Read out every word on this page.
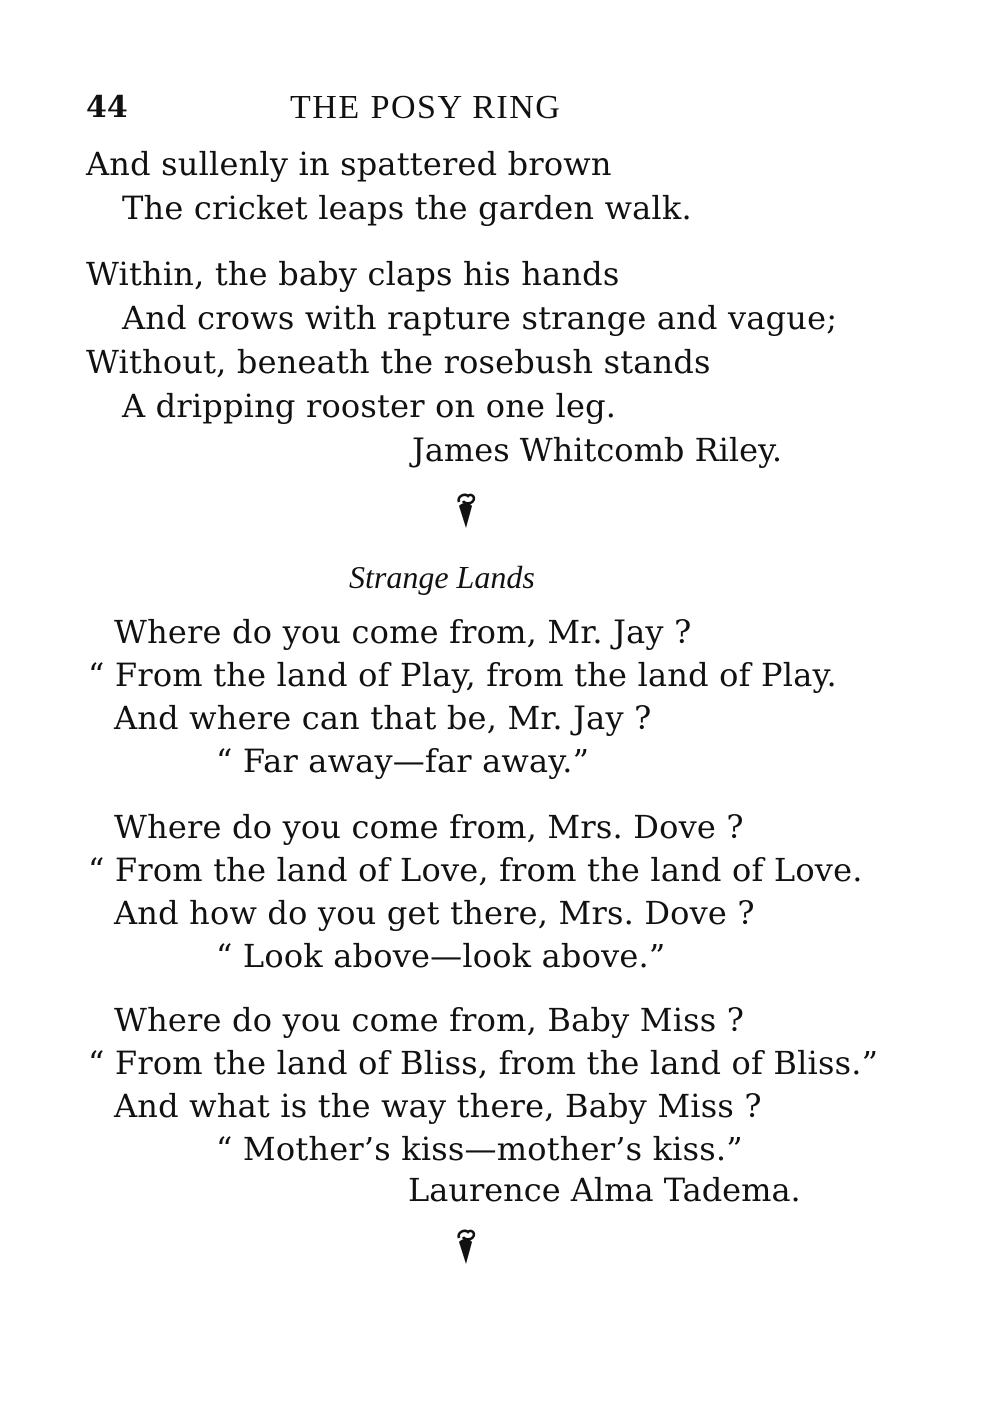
44	THE POSY RING
And sullenly in spattered brown
The cricket leaps the garden walk.
Within, the baby claps his hands
And crows with rapture strange and vague;
Without, beneath the rosebush stands
A dripping rooster on one leg.
James Whitcomb Riley.
Strange Lands
Where do you come from, Mr. Jay ?
“ From the land of Play, from the land of Play.
And where can that be, Mr. Jay ?
“ Far away—far away.”
Where do you come from, Mrs. Dove ?
“ From the land of Love, from the land of Love.
And how do you get there, Mrs. Dove ?
“ Look above—look above.”
Where do you come from, Baby Miss ?
“ From the land of Bliss, from the land of Bliss.”
And what is the way there, Baby Miss ?
“ Mother’s kiss—mother’s kiss.”
Laurence Alma Tadema.
